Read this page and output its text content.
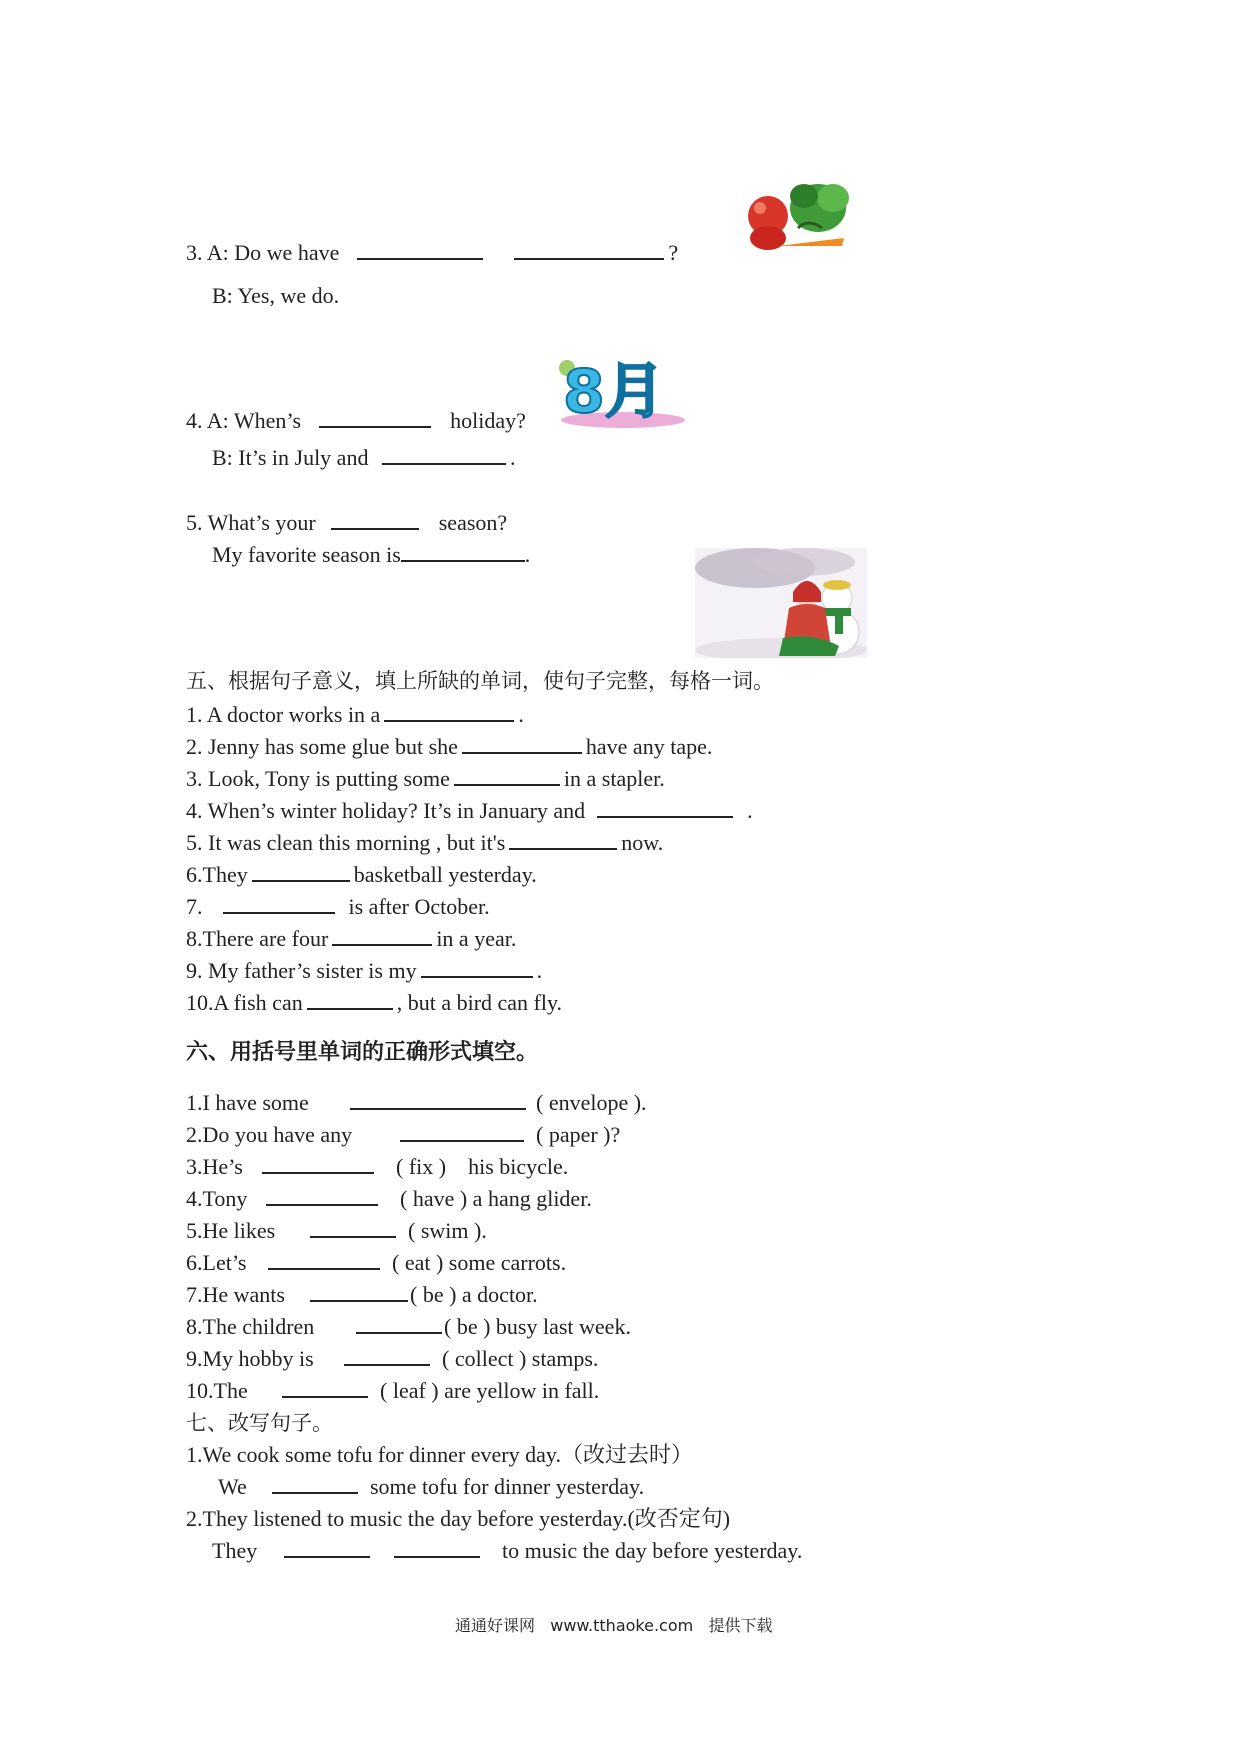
8月
3. A: Do we have	?
B: Yes, we do.
4. A: When’s	holiday?
B: It’s in July and	.
5. What’s your	season?
My favorite season is	.
五、根据句子意义，填上所缺的单词，使句子完整，每格一词。
1. A doctor works in a	.
2. Jenny has some glue but she	have any tape.
3. Look, Tony is putting some	in a stapler.
4. When’s winter holiday? It’s in January and	.
5. It was clean this morning , but it's	now.
6.They	basketball yesterday.
7.	is after October.
8.There are four	in a year.
9. My father’s sister is my	.
10.A fish can	, but a bird can fly.
六、用括号里单词的正确形式填空。
1.I have some	( envelope ).
2.Do you have any	( paper )?
3.He’s	( fix )    his bicycle.
4.Tony	( have ) a hang glider.
5.He likes	( swim ).
6.Let’s	( eat ) some carrots.
7.He wants	( be ) a doctor.
8.The children	( be ) busy last week.
9.My hobby is	( collect ) stamps.
10.The	( leaf ) are yellow in fall.
七、改写句子。
1.We cook some tofu for dinner every day.（改过去时）
We	some tofu for dinner yesterday.
2.They listened to music the day before yesterday.(改否定句)
They	to music the day before yesterday.
通通好课网   www.tthaoke.com   提供下载
